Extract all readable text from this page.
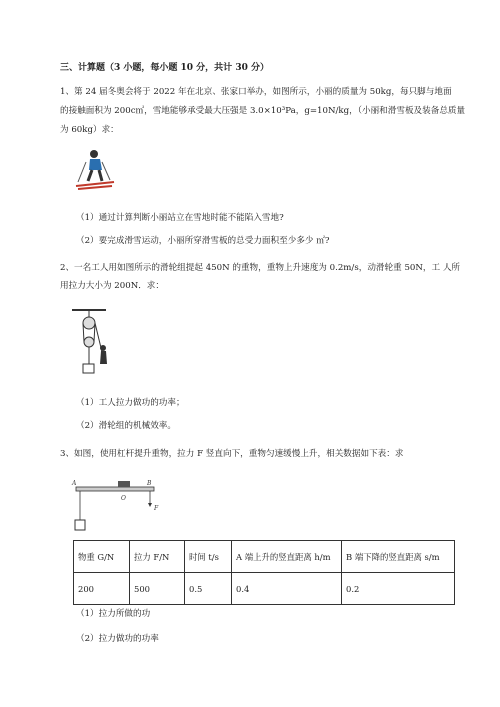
三、计算题（3 小题，每小题 10 分，共计 30 分）
1、第 24 届冬奥会将于 2022 年在北京、张家口举办，如图所示，小丽的质量为 50kg，每只脚与地面
的接触面积为 200c㎡，雪地能够承受最大压强是 3.0×10³Pa，g=10N/kg，（小丽和滑雪板及装备总质量
为 60kg）求：
（1）通过计算判断小丽站立在雪地时能不能陷入雪地?
（2）要完成滑雪运动，小丽所穿滑雪板的总受力面积至少多少 ㎡?
2、一名工人用如图所示的滑轮组提起 450N 的重物，重物上升速度为 0.2m/s，动滑轮重 50N，工 人所
用拉力大小为 200N．求：
（1）工人拉力做功的功率；
（2）滑轮组的机械效率。
3、如图，使用杠杆提升重物，拉力 F 竖直向下，重物匀速缓慢上升，相关数据如下表：求
A	B
O
F
物重 G/N	拉力 F/N	时间 t/s	A 端上升的竖直距离 h/m	B 端下降的竖直距离 s/m
200	500	0.5	0.4	0.2
（1）拉力所做的功
（2）拉力做功的功率
